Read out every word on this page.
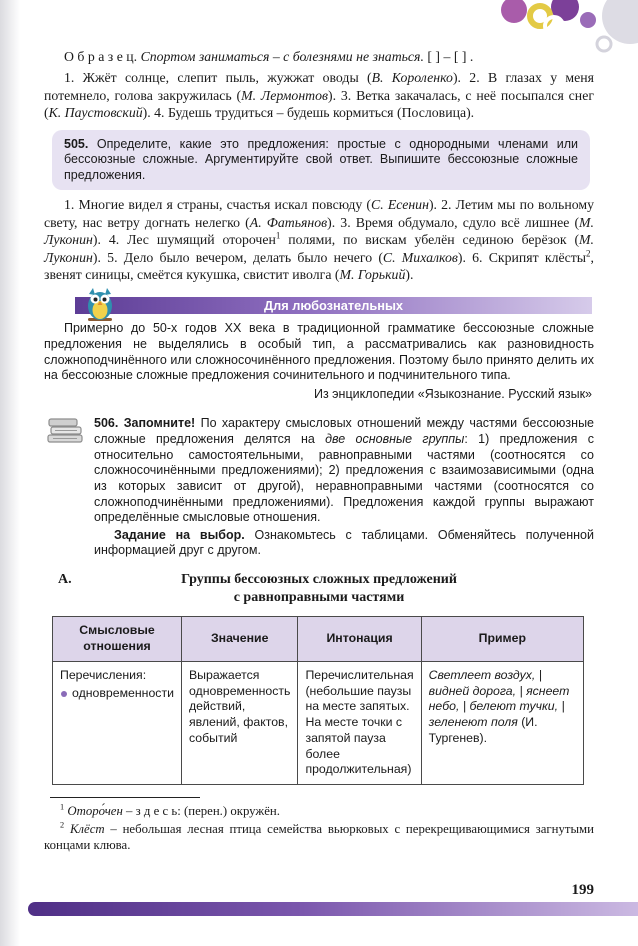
О б р а з е ц. Спортом заниматься – с болезнями не знаться. [ ] – [ ] .

1. Жжёт солнце, слепит пыль, жужжат оводы (В. Короленко). 2. В глазах у меня потемнело, голова закружилась (М. Лермонтов). 3. Ветка закачалась, с неё посыпался снег (К. Паустовский). 4. Будешь трудиться – будешь кормиться (Пословица).

505. Определите, какие это предложения: простые с однородными членами или бессоюзные сложные. Аргументируйте свой ответ. Выпишите бессоюзные сложные предложения.

1. Многие видел я страны, счастья искал повсюду (С. Есенин). 2. Летим мы по вольному свету, нас ветру догнать нелегко (А. Фатьянов). 3. Время обдумало, сдуло всё лишнее (М. Луконин). 4. Лес шумящий оторочен$^1$ полями, по вискам убелён сединою берёзок (М. Луконин). 5. Дело было вечером, делать было нечего (С. Михалков). 6. Скрипят клёсты$^2$, звенят синицы, смеётся кукушка, свистит иволга (М. Горький).

Для любознательных

Примерно до 50-х годов XX века в традиционной грамматике бессоюзные сложные предложения не выделялись в особый тип, а рассматривались как разновидность сложноподчинённого или сложносочинённого предложения. Поэтому было принято делить их на бессоюзные сложные предложения сочинительного и подчинительного типа.

Из энциклопедии «Языкознание. Русский язык»

506. Запомните! По характеру смысловых отношений между частями бессоюзные сложные предложения делятся на две основные группы: 1) предложения с относительно самостоятельными, равноправными частями (соотносятся со сложносочинёнными предложениями); 2) предложения с взаимозависимыми (одна из которых зависит от другой), неравноправными частями (соотносятся со сложноподчинёнными предложениями). Предложения каждой группы выражают определённые смысловые отношения.

Задание на выбор. Ознакомьтесь с таблицами. Обменяйтесь полученной информацией друг с другом.

А.	Группы бессоюзных сложных предложений
с равноправными частями
Смысловые отношения	Значение	Интонация	Пример

Перечисления:
одновременности	Выражается одновременность действий, явлений, фактов, событий	Перечислительная (небольшие паузы на месте запятых. На месте точки с запятой пауза более продолжительная)	Светлеет воздух, | видней дорога, | яснеет небо, | белеют тучки, | зеленеют поля (И. Тургенев).

$^1$ Оторо́чен – з д е с ь: (перен.) окружён.

$^2$ Клёст – небольшая лесная птица семейства вьюрковых с перекрещивающимися загнутыми концами клюва.

199
